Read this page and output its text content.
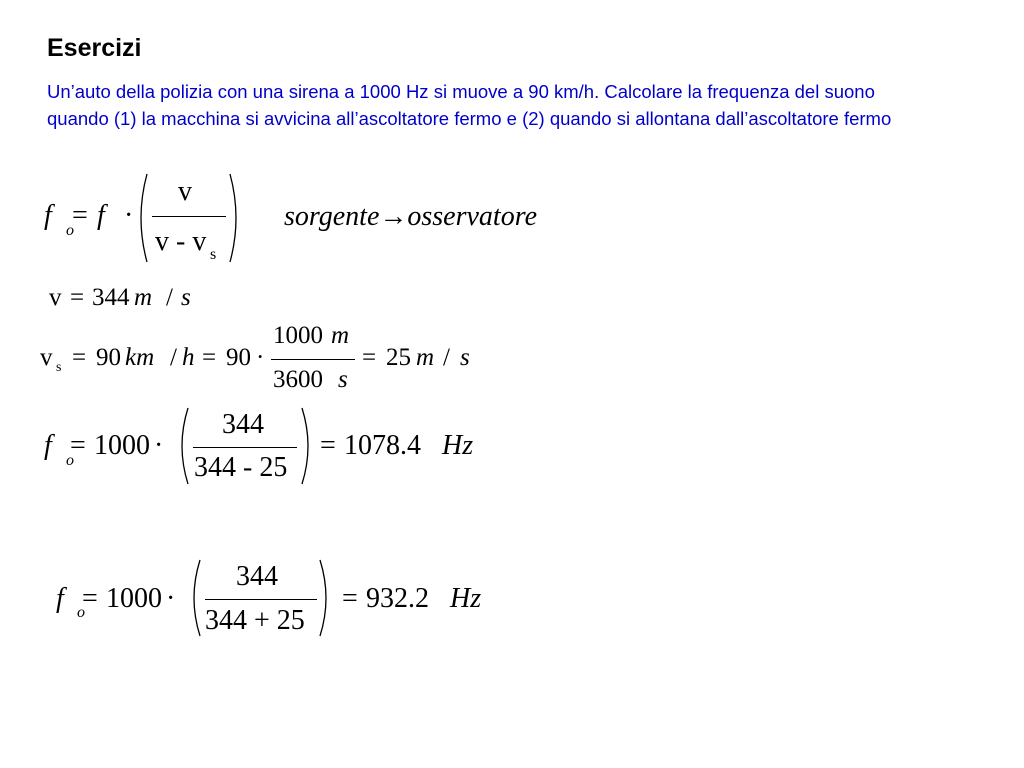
Esercizi
Un’auto della polizia con una sirena a 1000 Hz si muove a 90 km/h. Calcolare la frequenza del suono quando (1) la macchina si avvicina all’ascoltatore fermo e (2) quando si allontana dall’ascoltatore fermo
f o
= f ·
v
v - v s
sorgente→osservatore
v = 344 m / s
v s = 90 km / h = 90 ·
1000 m
3600 s
= 25 m / s
f o
= 1000 ·
344
344 - 25
= 1078.4 Hz
f o
= 1000 ·
344
344 + 25
= 932.2 Hz
